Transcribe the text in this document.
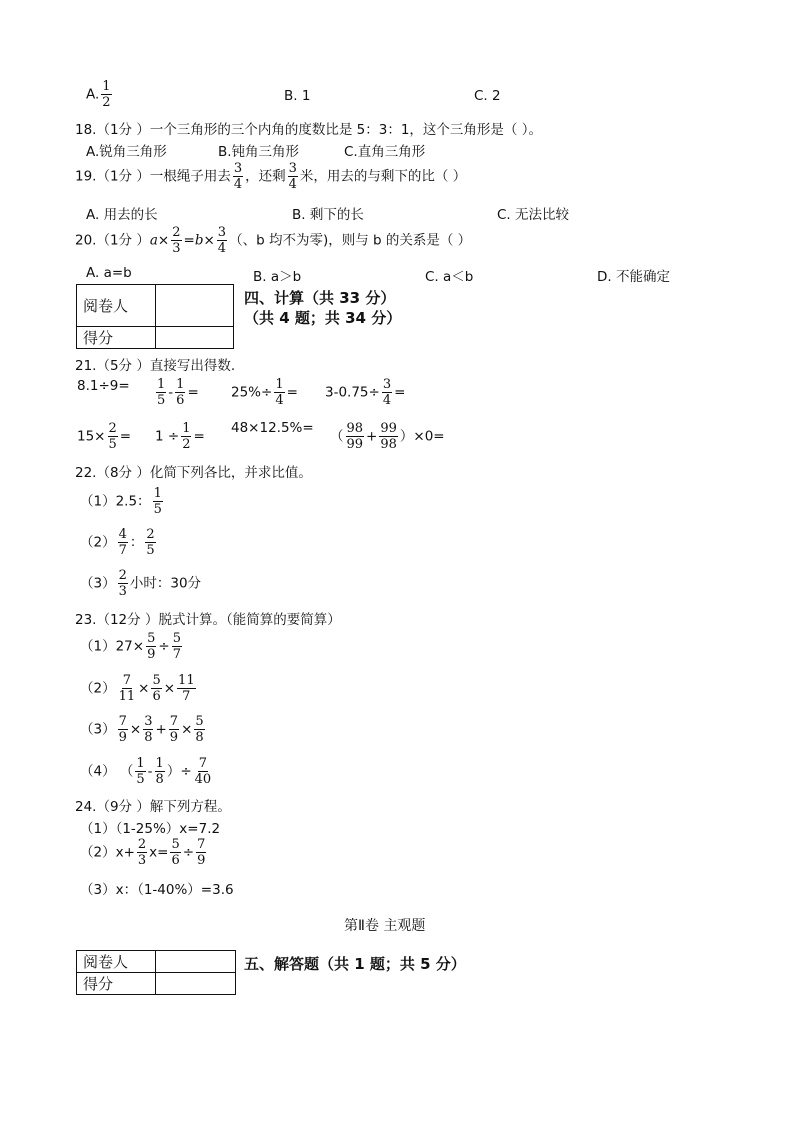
A. $\frac{1}{2}$	B. 1	C. 2
18.（1分 ）一个三角形的三个内角的度数比是 5：3：1，这个三角形是（ ）。
A.锐角三角形	B.钝角三角形	C.直角三角形
19.（1分 ）一根绳子用去 $\frac{3}{4}$ ，还剩 $\frac{3}{4}$ 米，用去的与剩下的比（ ）
A. 用去的长	B. 剩下的长	C. 无法比较
20.（1分 ）$a\times \frac{2}{3} =b\times \frac{3}{4}$ （、b 均不为零)，则与 b 的关系是（ ）
A. a=b	B. a＞b	C. a＜b	D. 不能确定
阅卷人	
得分	
四、计算（共 33 分）
（共 4 题；共 34 分）
21.（5分 ）直接写出得数.
$8.1\div 9= \frac{1}{5} - \frac{1}{6} = 25\%\div \frac{1}{4} = 3-0.75\div \frac{3}{4}$ =
$15\times \frac{2}{5} = 1 \div \frac{1}{2}$ =
48×12.5%=
（ $\frac{98}{99} + \frac{99}{98} )\times 0=$
22.（8分 ）化简下列各比，并求比值。
（1）2.5： $\frac{1}{5}$
$(2) \frac{4}{7}$ ： $\frac{2}{5}$
$(3) \frac{2}{3}$ 小时：30分
23.（12分 ）脱式计算。（能简算的要简算）
$(1)27\times \frac{5}{9} \div \frac{5}{7}$
$(2) \frac{7}{11} \times \frac{5}{6} \times \frac{11}{7}$
$(3) \frac{7}{9} \times \frac{3}{8} + \frac{7}{9} \times \frac{5}{8}$
（4） （ $\frac{1}{5} - \frac{1}{8}$ ）÷ $\frac{7}{40}$
24.（9分 ）解下列方程。
（1）（1-25%）x=7.2
$(2)x+ \frac{2}{3} x= \frac{5}{6} \div \frac{7}{9}$
（3）x：（1-40%）=3.6
第Ⅱ卷 主观题
阅卷人	
得分	
五、解答题（共 1 题；共 5 分）
